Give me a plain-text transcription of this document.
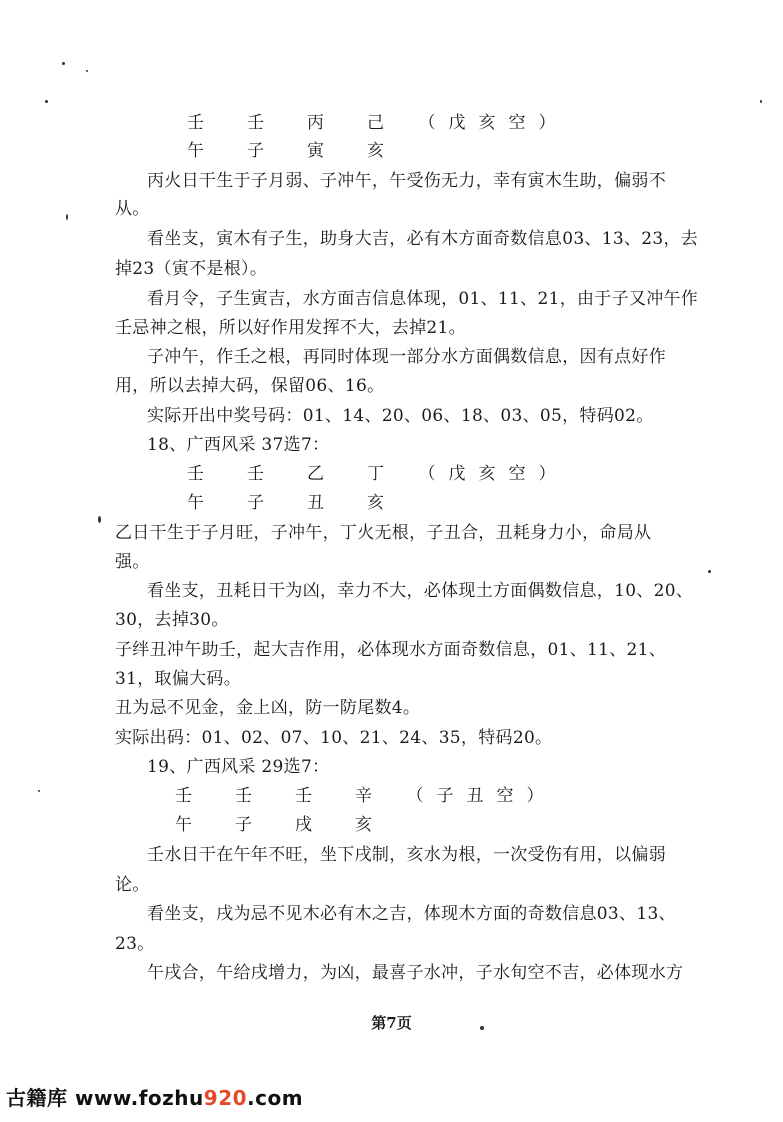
壬　壬　丙　己　（戊亥空）
午　子　寅　亥
丙火日干生于子月弱、子冲午，午受伤无力，幸有寅木生助，偏弱不
从。
看坐支，寅木有子生，助身大吉，必有木方面奇数信息03、13、23，去
掉23（寅不是根）。
看月令，子生寅吉，水方面吉信息体现，01、11、21，由于子又冲午作
壬忌神之根，所以好作用发挥不大，去掉21。
子冲午，作壬之根，再同时体现一部分水方面偶数信息，因有点好作
用，所以去掉大码，保留06、16。
实际开出中奖号码：01、14、20、06、18、03、05，特码02。
18、广西风采 37选7：
壬　壬　乙　丁　（戊亥空）
午　子　丑　亥
乙日干生于子月旺，子冲午，丁火无根，子丑合，丑耗身力小，命局从
强。
看坐支，丑耗日干为凶，幸力不大，必体现土方面偶数信息，10、20、
30，去掉30。
子绊丑冲午助壬，起大吉作用，必体现水方面奇数信息，01、11、21、
31，取偏大码。
丑为忌不见金，金上凶，防一防尾数4。
实际出码：01、02、07、10、21、24、35，特码20。
19、广西风采 29选7：
壬　壬　壬　辛　（子丑空）
午　子　戌　亥
壬水日干在午年不旺，坐下戌制，亥水为根，一次受伤有用，以偏弱
论。
看坐支，戌为忌不见木必有木之吉，体现木方面的奇数信息03、13、
23。
午戌合，午给戌增力，为凶，最喜子水冲，子水旬空不吉，必体现水方
第7页
古籍库 www.fozhu920.com
